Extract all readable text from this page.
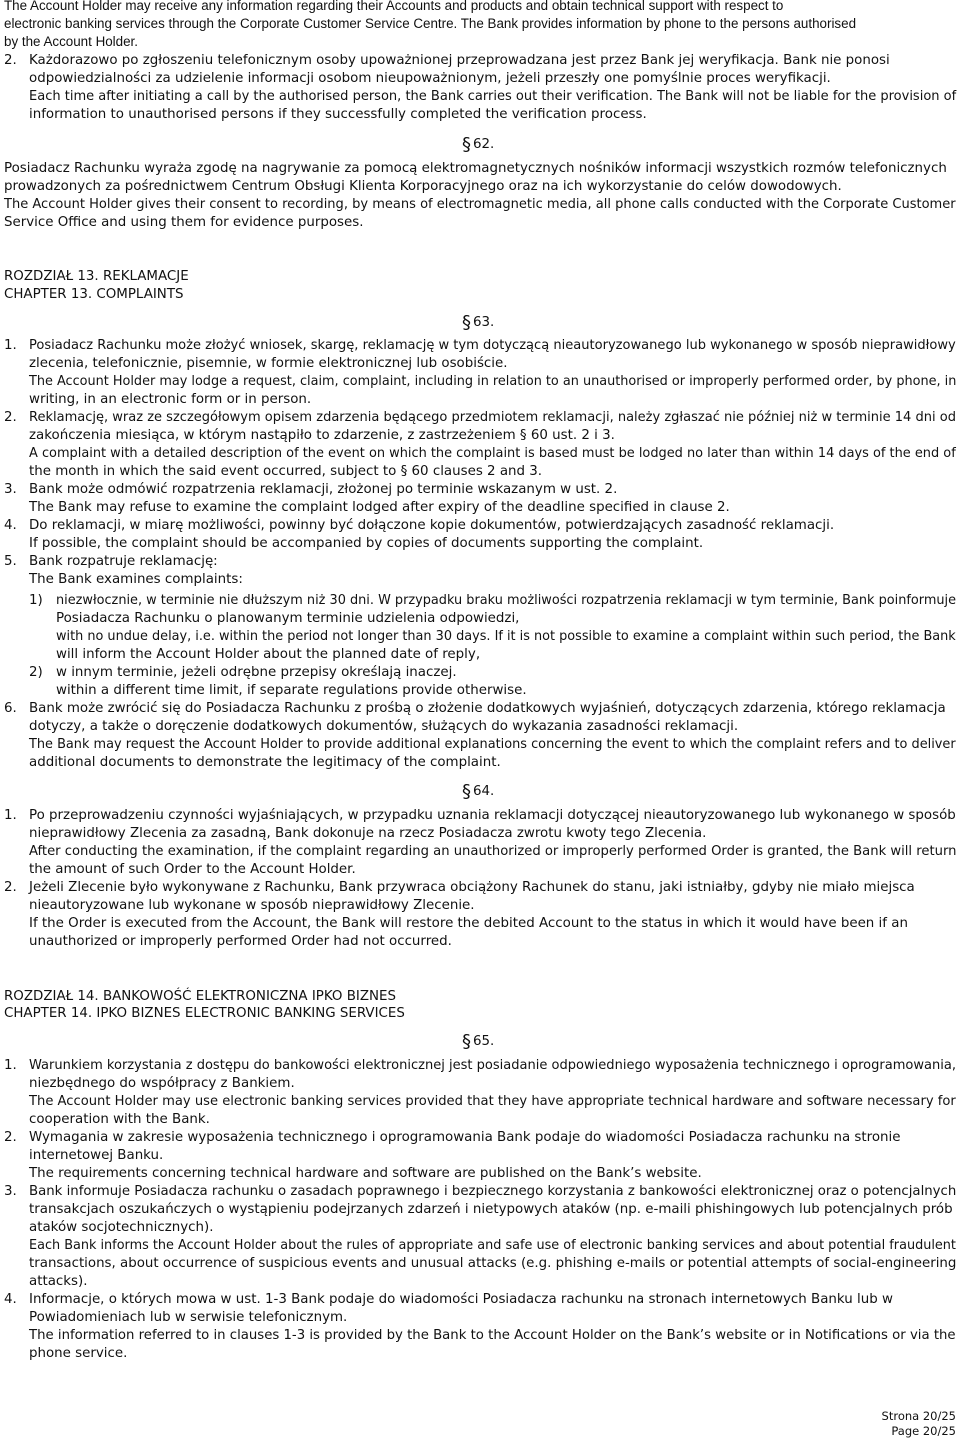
The Account Holder may receive any information regarding their Accounts and products and obtain technical support with respect to
electronic banking services through the Corporate Customer Service Centre. The Bank provides information by phone to the persons authorised
by the Account Holder.
2. Każdorazowo po zgłoszeniu telefonicznym osoby upoważnionej przeprowadzana jest przez Bank jej weryfikacja. Bank nie ponosi
odpowiedzialności za udzielenie informacji osobom nieupoważnionym, jeżeli przeszły one pomyślnie proces weryfikacji.
Each time after initiating a call by the authorised person, the Bank carries out their verification. The Bank will not be liable for the provision of
information to unauthorised persons if they successfully completed the verification process.
§ 62.
Posiadacz Rachunku wyraża zgodę na nagrywanie za pomocą elektromagnetycznych nośników informacji wszystkich rozmów telefonicznych
prowadzonych za pośrednictwem Centrum Obsługi Klienta Korporacyjnego oraz na ich wykorzystanie do celów dowodowych.
The Account Holder gives their consent to recording, by means of electromagnetic media, all phone calls conducted with the Corporate Customer
Service Office and using them for evidence purposes.
ROZDZIAŁ 13. REKLAMACJE
CHAPTER 13. COMPLAINTS
§ 63.
1. Posiadacz Rachunku może złożyć wniosek, skargę, reklamację w tym dotyczącą nieautoryzowanego lub wykonanego w sposób nieprawidłowy
zlecenia, telefonicznie, pisemnie, w formie elektronicznej lub osobiście.
The Account Holder may lodge a request, claim, complaint, including in relation to an unauthorised or improperly performed order, by phone, in
writing, in an electronic form or in person.
2. Reklamację, wraz ze szczegółowym opisem zdarzenia będącego przedmiotem reklamacji, należy zgłaszać nie później niż w terminie 14 dni od
zakończenia miesiąca, w którym nastąpiło to zdarzenie, z zastrzeżeniem § 60 ust. 2 i 3.
A complaint with a detailed description of the event on which the complaint is based must be lodged no later than within 14 days of the end of
the month in which the said event occurred, subject to § 60 clauses 2 and 3.
3. Bank może odmówić rozpatrzenia reklamacji, złożonej po terminie wskazanym w ust. 2.
The Bank may refuse to examine the complaint lodged after expiry of the deadline specified in clause 2.
4. Do reklamacji, w miarę możliwości, powinny być dołączone kopie dokumentów, potwierdzających zasadność reklamacji.
If possible, the complaint should be accompanied by copies of documents supporting the complaint.
5. Bank rozpatruje reklamację:
The Bank examines complaints:
1) niezwłocznie, w terminie nie dłuższym niż 30 dni. W przypadku braku możliwości rozpatrzenia reklamacji w tym terminie, Bank poinformuje
Posiadacza Rachunku o planowanym terminie udzielenia odpowiedzi,
with no undue delay, i.e. within the period not longer than 30 days. If it is not possible to examine a complaint within such period, the Bank
will inform the Account Holder about the planned date of reply,
2) w innym terminie, jeżeli odrębne przepisy określają inaczej.
within a different time limit, if separate regulations provide otherwise.
6. Bank może zwrócić się do Posiadacza Rachunku z prośbą o złożenie dodatkowych wyjaśnień, dotyczących zdarzenia, którego reklamacja
dotyczy, a także o doręczenie dodatkowych dokumentów, służących do wykazania zasadności reklamacji.
The Bank may request the Account Holder to provide additional explanations concerning the event to which the complaint refers and to deliver
additional documents to demonstrate the legitimacy of the complaint.
§ 64.
1. Po przeprowadzeniu czynności wyjaśniających, w przypadku uznania reklamacji dotyczącej nieautoryzowanego lub wykonanego w sposób
nieprawidłowy Zlecenia za zasadną, Bank dokonuje na rzecz Posiadacza zwrotu kwoty tego Zlecenia.
After conducting the examination, if the complaint regarding an unauthorized or improperly performed Order is granted, the Bank will return
the amount of such Order to the Account Holder.
2. Jeżeli Zlecenie było wykonywane z Rachunku, Bank przywraca obciążony Rachunek do stanu, jaki istniałby, gdyby nie miało miejsca
nieautoryzowane lub wykonane w sposób nieprawidłowy Zlecenie.
If the Order is executed from the Account, the Bank will restore the debited Account to the status in which it would have been if an
unauthorized or improperly performed Order had not occurred.
ROZDZIAŁ 14. BANKOWOŚĆ ELEKTRONICZNA IPKO BIZNES
CHAPTER 14. IPKO BIZNES ELECTRONIC BANKING SERVICES
§ 65.
1. Warunkiem korzystania z dostępu do bankowości elektronicznej jest posiadanie odpowiedniego wyposażenia technicznego i oprogramowania,
niezbędnego do współpracy z Bankiem.
The Account Holder may use electronic banking services provided that they have appropriate technical hardware and software necessary for
cooperation with the Bank.
2. Wymagania w zakresie wyposażenia technicznego i oprogramowania Bank podaje do wiadomości Posiadacza rachunku na stronie
internetowej Banku.
The requirements concerning technical hardware and software are published on the Bank’s website.
3. Bank informuje Posiadacza rachunku o zasadach poprawnego i bezpiecznego korzystania z bankowości elektronicznej oraz o potencjalnych
transakcjach oszukańczych o wystąpieniu podejrzanych zdarzeń i nietypowych ataków (np. e-maili phishingowych lub potencjalnych prób
ataków socjotechnicznych).
Each Bank informs the Account Holder about the rules of appropriate and safe use of electronic banking services and about potential fraudulent
transactions, about occurrence of suspicious events and unusual attacks (e.g. phishing e-mails or potential attempts of social-engineering
attacks).
4. Informacje, o których mowa w ust. 1-3 Bank podaje do wiadomości Posiadacza rachunku na stronach internetowych Banku lub w
Powiadomieniach lub w serwisie telefonicznym.
The information referred to in clauses 1-3 is provided by the Bank to the Account Holder on the Bank’s website or in Notifications or via the
phone service.
Strona 20/25
Page 20/25
